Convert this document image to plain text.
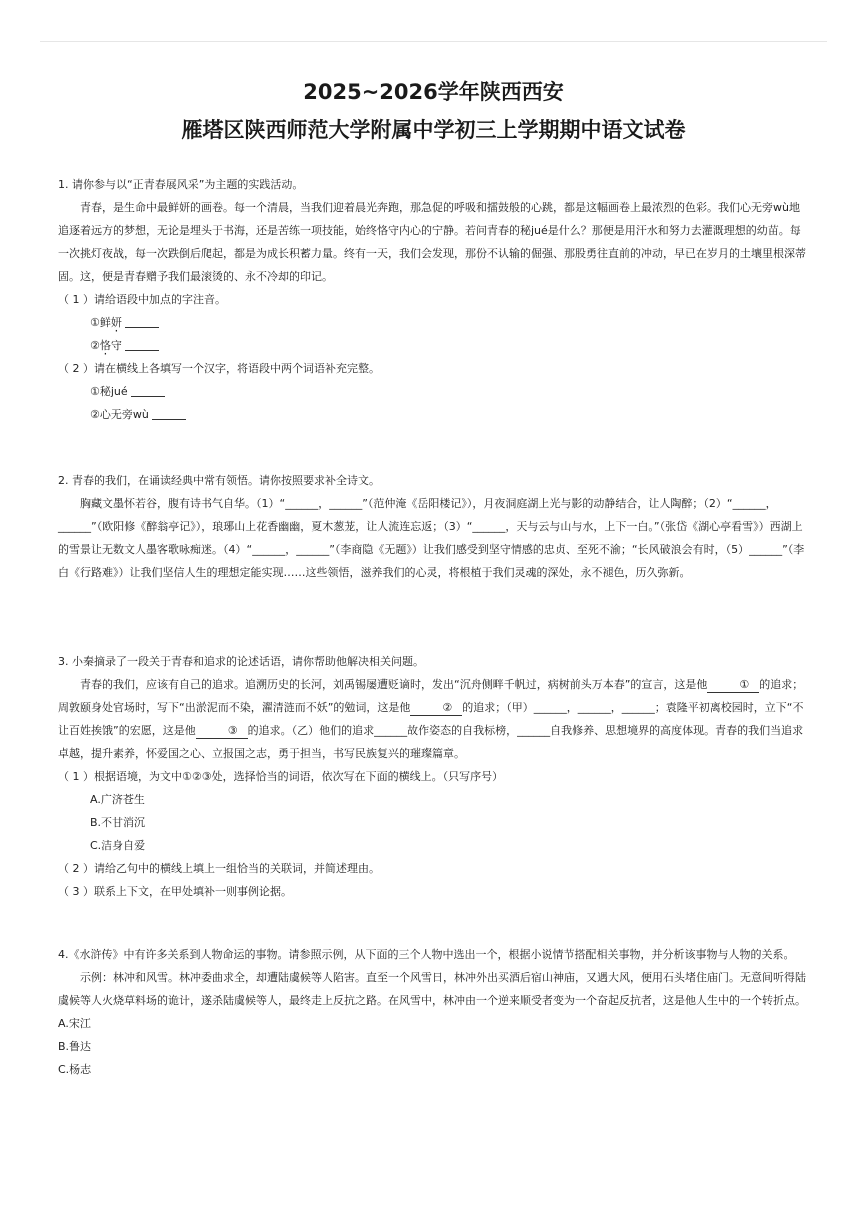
2025~2026学年陕西西安
雁塔区陕西师范大学附属中学初三上学期期中语文试卷

1. 请你参与以“正青春展风采”为主题的实践活动。

青春，是生命中最鲜妍的画卷。每一个清晨，当我们迎着晨光奔跑，那急促的呼吸和擂鼓般的心跳，都是这幅画卷上最浓烈的色彩。我们心无旁wù地追逐着远方的梦想，无论是埋头于书海，还是苦练一项技能，始终恪守内心的宁静。若问青春的秘jué是什么？那便是用汗水和努力去灌溉理想的幼苗。每一次挑灯夜战，每一次跌倒后爬起，都是为成长积蓄力量。终有一天，我们会发现，那份不认输的倔强、那股勇往直前的冲动，早已在岁月的土壤里根深蒂固。这，便是青春赠予我们最滚烫的、永不冷却的印记。

（ 1 ）请给语段中加点的字注音。

①鲜妍

②恪守

（ 2 ）请在横线上各填写一个汉字，将语段中两个词语补充完整。

①秘jué

②心无旁wù

2. 青春的我们，在诵读经典中常有领悟。请你按照要求补全诗文。

胸藏文墨怀若谷，腹有诗书气自华。（1）“______，______”（范仲淹《岳阳楼记》），月夜洞庭湖上光与影的动静结合，让人陶醉；（2）“______，______”（欧阳修《醉翁亭记》），琅琊山上花香幽幽，夏木葱茏，让人流连忘返；（3）“______，天与云与山与水，上下一白。”（张岱《湖心亭看雪》）西湖上的雪景让无数文人墨客歌咏痴迷。（4）“______，______”（李商隐《无题》）让我们感受到坚守情感的忠贞、至死不渝；“长风破浪会有时，（5）______”（李白《行路难》）让我们坚信人生的理想定能实现……这些领悟，滋养我们的心灵，将根植于我们灵魂的深处，永不褪色，历久弥新。

3. 小秦摘录了一段关于青春和追求的论述话语，请你帮助他解决相关问题。

青春的我们，应该有自己的追求。追溯历史的长河，刘禹锡屡遭贬谪时，发出“沉舟侧畔千帆过，病树前头万本春”的宣言，这是他	① 的追求；周敦颐身处官场时，写下“出淤泥而不染，濯清涟而不妖”的勉词，这是他	② 的追求；（甲）______，______，______；袁隆平初离校园时，立下“不让百姓挨饿”的宏愿，这是他	③ 的追求。（乙）他们的追求______故作姿态的自我标榜，______自我修养、思想境界的高度体现。青春的我们当追求卓越，提升素养，怀爱国之心、立报国之志，勇于担当，书写民族复兴的璀璨篇章。

（ 1 ）根据语境，为文中①②③处，选择恰当的词语，依次写在下面的横线上。（只写序号）

A.广济苍生

B.不甘消沉

C.洁身自爱

（ 2 ）请给乙句中的横线上填上一组恰当的关联词，并简述理由。

（ 3 ）联系上下文，在甲处填补一则事例论据。

4.《水浒传》中有许多关系到人物命运的事物。请参照示例，从下面的三个人物中选出一个，根据小说情节搭配相关事物，并分析该事物与人物的关系。

示例：林冲和风雪。林冲委曲求全，却遭陆虞候等人陷害。直至一个风雪日，林冲外出买酒后宿山神庙，又遇大风，便用石头堵住庙门。无意间听得陆虞候等人火烧草料场的诡计，遂杀陆虞候等人，最终走上反抗之路。在风雪中，林冲由一个逆来顺受者变为一个奋起反抗者，这是他人生中的一个转折点。

A.宋江

B.鲁达

C.杨志
